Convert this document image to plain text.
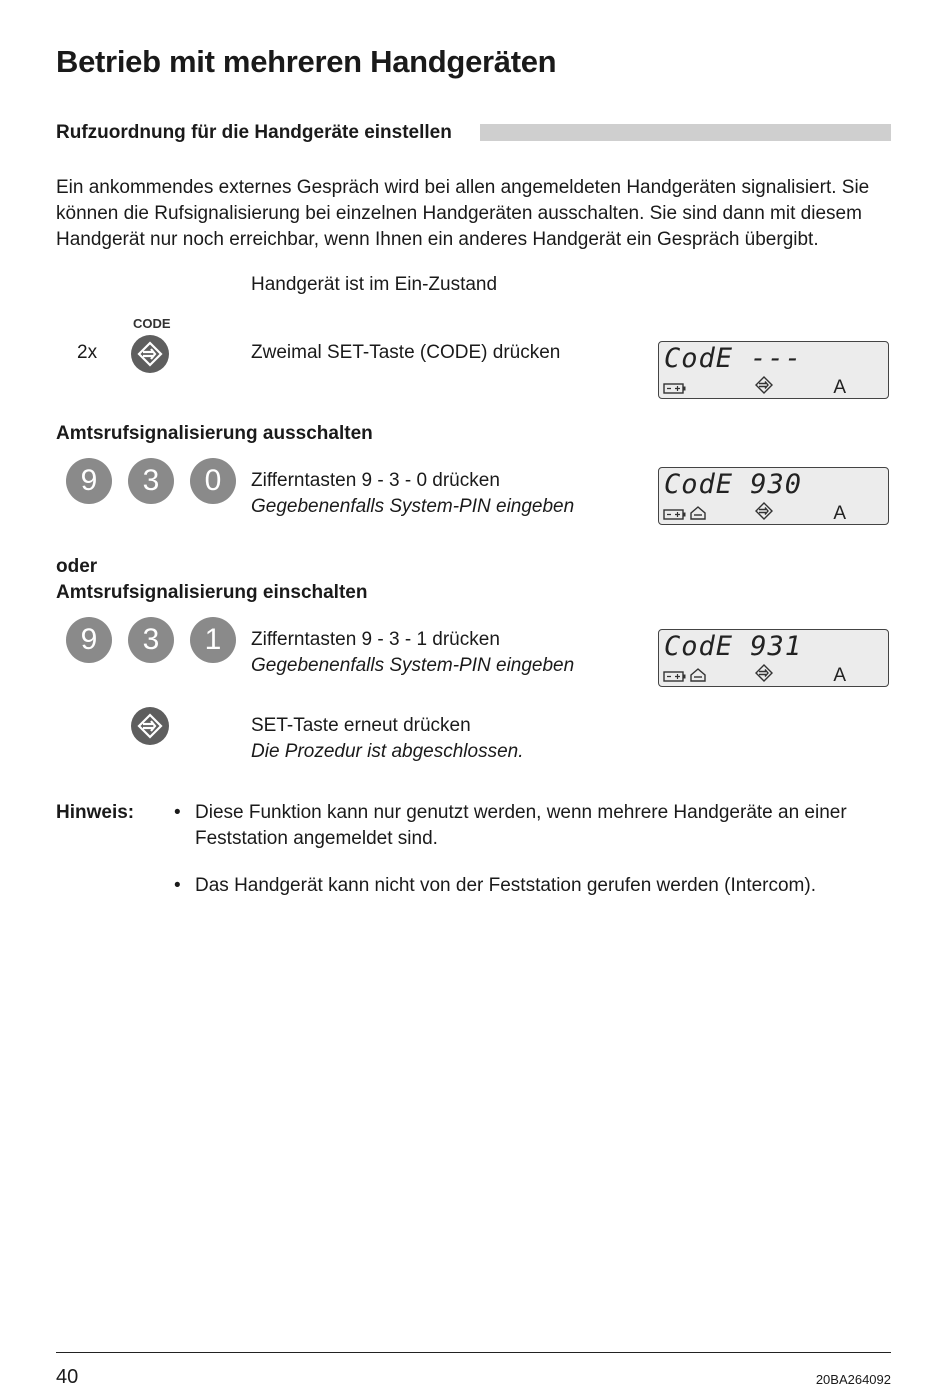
Betrieb mit mehreren Handgeräten
Rufzuordnung für die Handgeräte einstellen
Ein ankommendes externes Gespräch wird bei allen angemeldeten Handgeräten signalisiert. Sie können die Rufsignalisierung bei einzelnen Handgeräten ausschalten. Sie sind dann mit diesem Handgerät nur noch erreichbar, wenn Ihnen ein anderes Handgerät ein Gespräch übergibt.
Handgerät ist im Ein-Zustand
CODE
2x	Zweimal SET-Taste (CODE) drücken	CodE ---
A
Amtsrufsignalisierung ausschalten
9	3	0	Zifferntasten 9 - 3 - 0 drücken
Gegebenenfalls System-PIN eingeben
CodE 930
A
oder
Amtsrufsignalisierung einschalten
9	3	1	Zifferntasten 9 - 3 - 1 drücken
Gegebenenfalls System-PIN eingeben
CodE 931
A
SET-Taste erneut drücken
Die Prozedur ist abgeschlossen.
Hinweis: • Diese Funktion kann nur genutzt werden, wenn mehrere Handgeräte an einer Feststation angemeldet sind.
• Das Handgerät kann nicht von der Feststation gerufen werden (Intercom).
40	20BA264092
